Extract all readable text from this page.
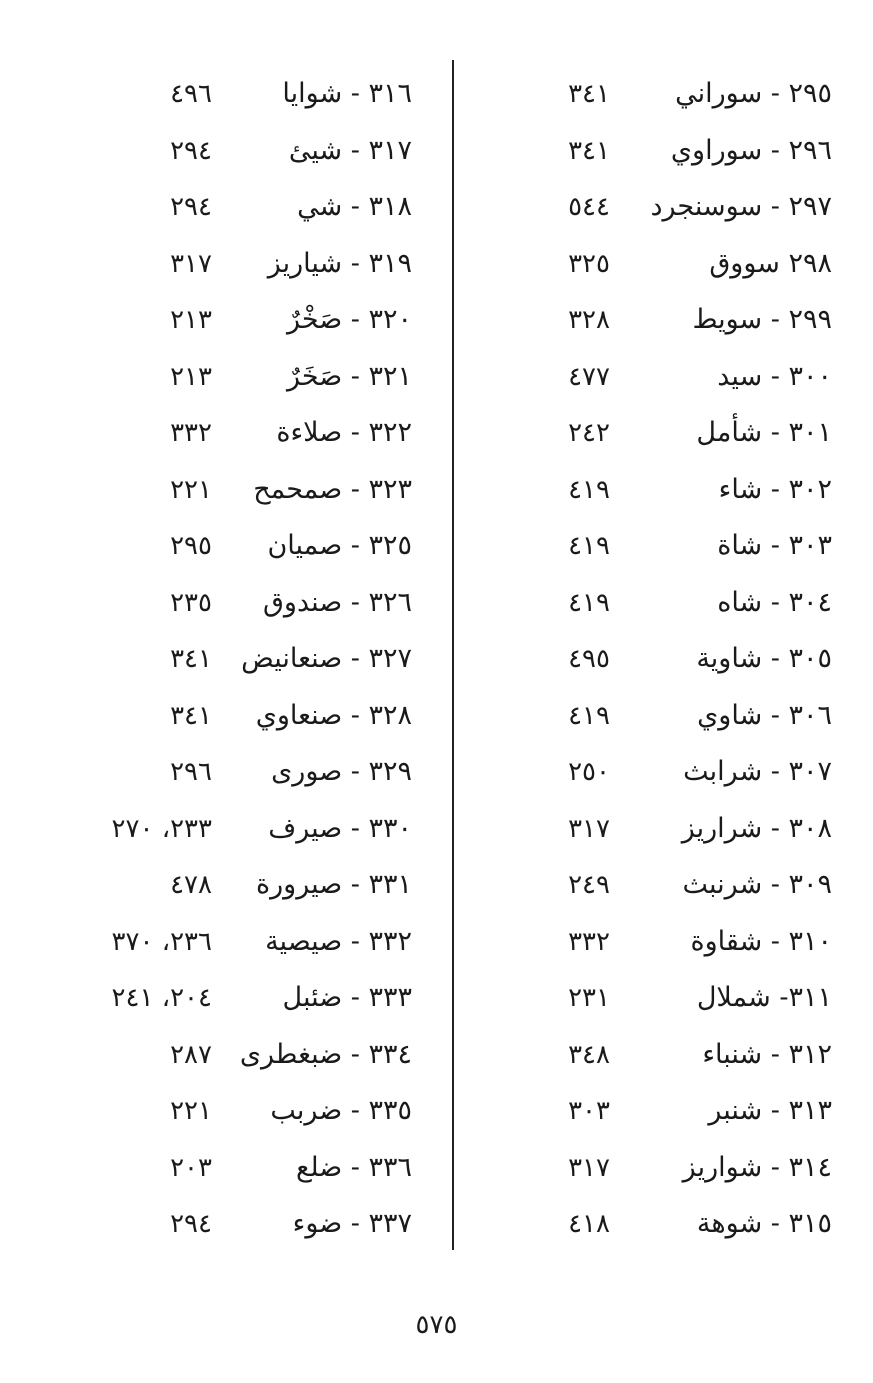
٢٩٥ - سوراني
٣٤١
٢٩٦ - سوراوي
٣٤١
٢٩٧ - سوسنجرد
٥٤٤
٢٩٨ سووق
٣٢٥
٢٩٩ - سويط
٣٢٨
٣٠٠ - سيد
٤٧٧
٣٠١ - شأمل
٢٤٢
٣٠٢ - شاء
٤١٩
٣٠٣ - شاة
٤١٩
٣٠٤ - شاه
٤١٩
٣٠٥ - شاوية
٤٩٥
٣٠٦ - شاوي
٤١٩
٣٠٧ - شرابث
٢٥٠
٣٠٨ - شراريز
٣١٧
٣٠٩ - شرنبث
٢٤٩
٣١٠ - شقاوة
٣٣٢
٣١١- شملال
٢٣١
٣١٢ - شنباء
٣٤٨
٣١٣ - شنبر
٣٠٣
٣١٤ - شواريز
٣١٧
٣١٥ - شوهة
٤١٨
٣١٦ - شوايا
٤٩٦
٣١٧ - شيئ
٢٩٤
٣١٨ - شي
٢٩٤
٣١٩ - شياريز
٣١٧
٣٢٠ - صَخْرٌ
٢١٣
٣٢١ - صَخَرٌ
٢١٣
٣٢٢ - صلاءة
٣٣٢
٣٢٣ - صمحمح
٢٢١
٣٢٥ - صميان
٢٩٥
٣٢٦ - صندوق
٢٣٥
٣٢٧ - صنعانيض
٣٤١
٣٢٨ - صنعاوي
٣٤١
٣٢٩ - صورى
٢٩٦
٣٣٠ - صيرف
٢٣٣، ٢٧٠
٣٣١ - صيرورة
٤٧٨
٣٣٢ - صيصية
٢٣٦، ٣٧٠
٣٣٣ - ضئبل
٢٠٤، ٢٤١
٣٣٤ - ضبغطرى
٢٨٧
٣٣٥ - ضربب
٢٢١
٣٣٦ - ضلع
٢٠٣
٣٣٧ - ضوء
٢٩٤
٥٧٥
